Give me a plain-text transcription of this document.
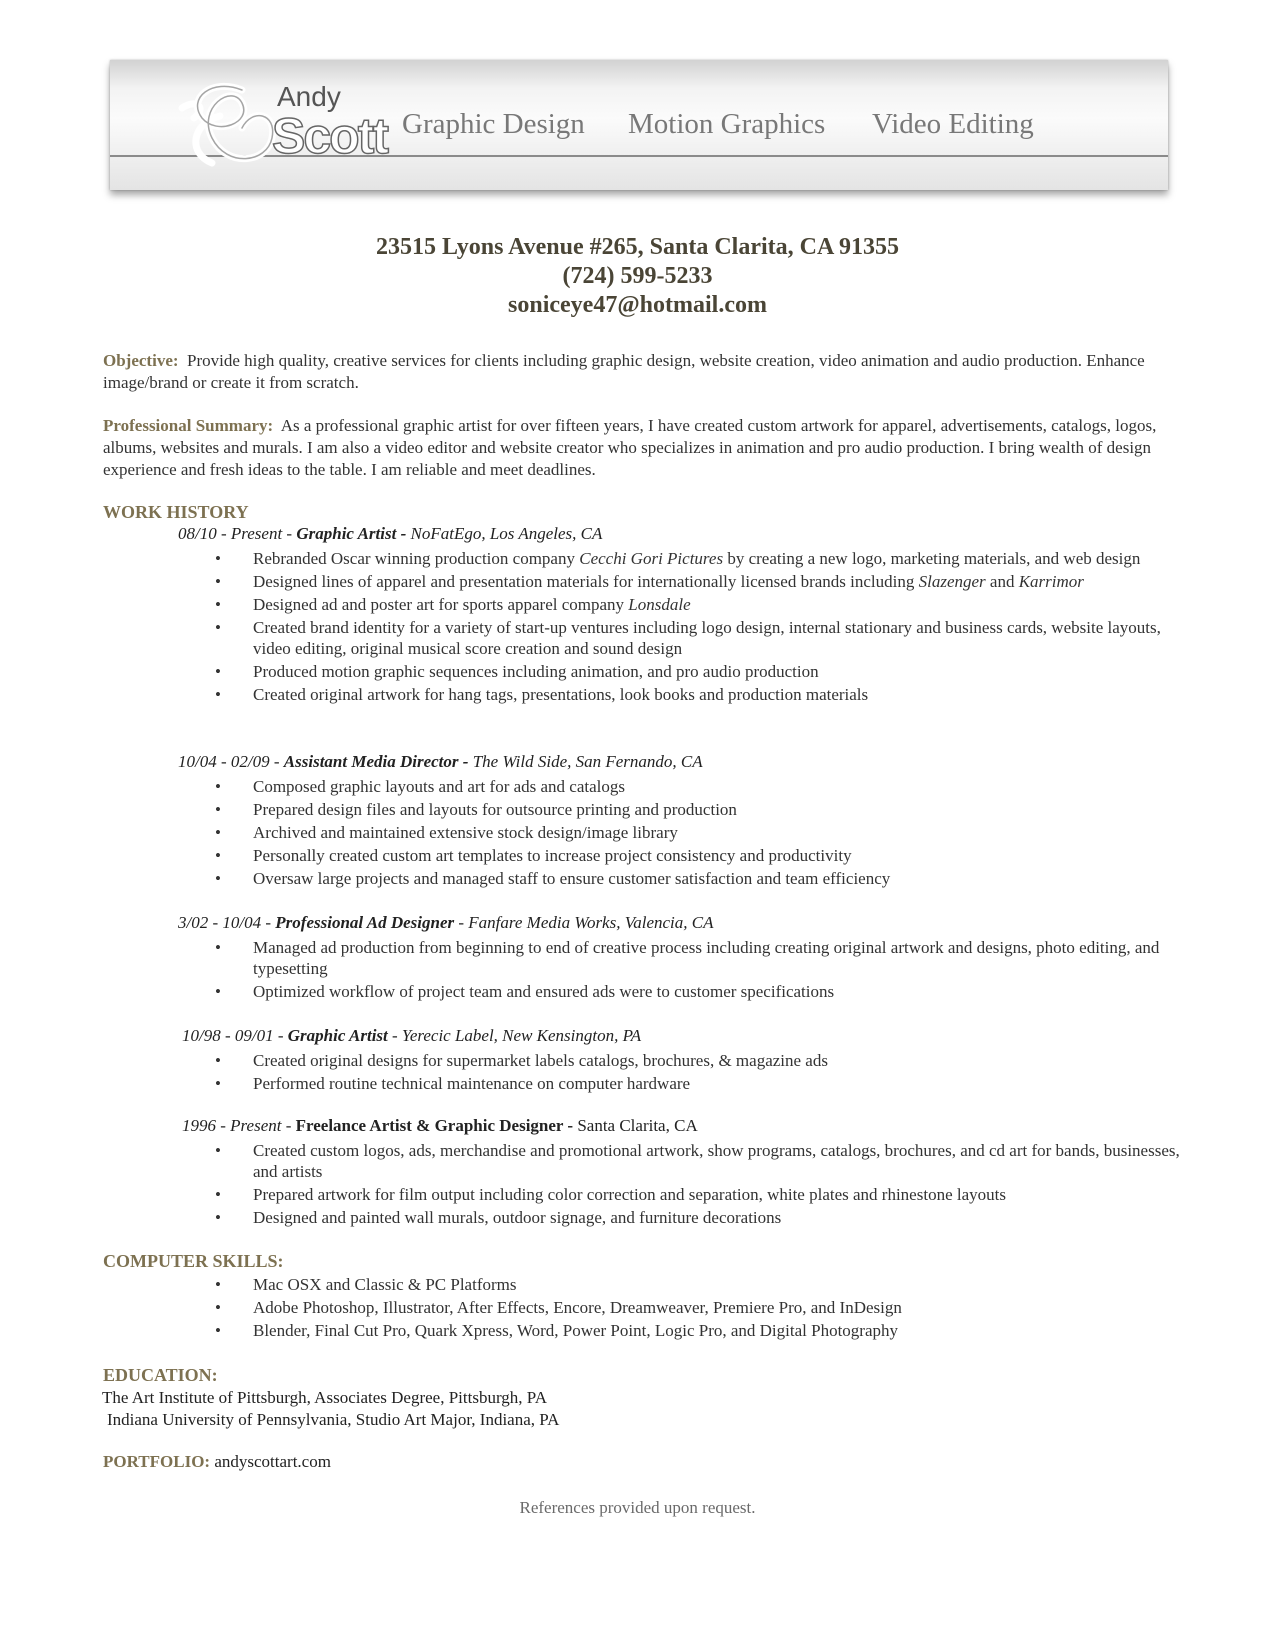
Andy
Scott Graphic Design Motion Graphics Video Editing
23515 Lyons Avenue #265, Santa Clarita, CA 91355
(724) 599-5233
soniceye47@hotmail.com
Objective: Provide high quality, creative services for clients including graphic design, website creation, video animation and audio production. Enhance image/brand or create it from scratch.
Professional Summary: As a professional graphic artist for over fifteen years, I have created custom artwork for apparel, advertisements, catalogs, logos, albums, websites and murals. I am also a video editor and website creator who specializes in animation and pro audio production. I bring wealth of design experience and fresh ideas to the table. I am reliable and meet deadlines.
WORK HISTORY
08/10 - Present - Graphic Artist - NoFatEgo, Los Angeles, CA
• Rebranded Oscar winning production company Cecchi Gori Pictures by creating a new logo, marketing materials, and web design
• Designed lines of apparel and presentation materials for internationally licensed brands including Slazenger and Karrimor
• Designed ad and poster art for sports apparel company Lonsdale
• Created brand identity for a variety of start-up ventures including logo design, internal stationary and business cards, website layouts, video editing, original musical score creation and sound design
• Produced motion graphic sequences including animation, and pro audio production
• Created original artwork for hang tags, presentations, look books and production materials
10/04 - 02/09 - Assistant Media Director - The Wild Side, San Fernando, CA
• Composed graphic layouts and art for ads and catalogs
• Prepared design files and layouts for outsource printing and production
• Archived and maintained extensive stock design/image library
• Personally created custom art templates to increase project consistency and productivity
• Oversaw large projects and managed staff to ensure customer satisfaction and team efficiency
3/02 - 10/04 - Professional Ad Designer - Fanfare Media Works, Valencia, CA
• Managed ad production from beginning to end of creative process including creating original artwork and designs, photo editing, and typesetting
• Optimized workflow of project team and ensured ads were to customer specifications
10/98 - 09/01 - Graphic Artist - Yerecic Label, New Kensington, PA
• Created original designs for supermarket labels catalogs, brochures, & magazine ads
• Performed routine technical maintenance on computer hardware
1996 - Present - Freelance Artist & Graphic Designer - Santa Clarita, CA
• Created custom logos, ads, merchandise and promotional artwork, show programs, catalogs, brochures, and cd art for bands, businesses, and artists
• Prepared artwork for film output including color correction and separation, white plates and rhinestone layouts
• Designed and painted wall murals, outdoor signage, and furniture decorations
COMPUTER SKILLS:
• Mac OSX and Classic & PC Platforms
• Adobe Photoshop, Illustrator, After Effects, Encore, Dreamweaver, Premiere Pro, and InDesign
• Blender, Final Cut Pro, Quark Xpress, Word, Power Point, Logic Pro, and Digital Photography
EDUCATION:
The Art Institute of Pittsburgh, Associates Degree, Pittsburgh, PA
Indiana University of Pennsylvania, Studio Art Major, Indiana, PA
PORTFOLIO: andyscottart.com
References provided upon request.
